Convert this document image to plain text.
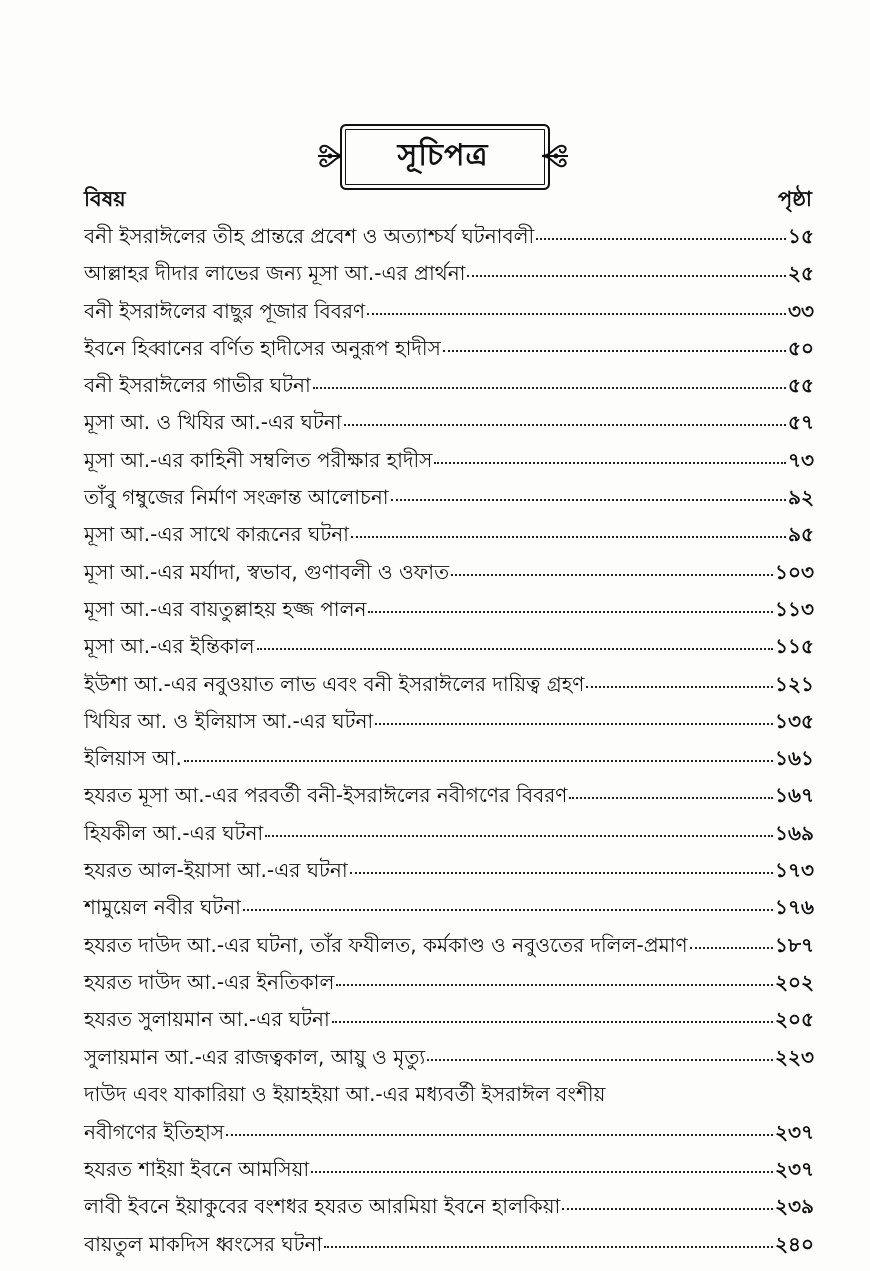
সূচিপত্র
বিষয়	পৃষ্ঠা
বনী ইসরাঈলের তীহ প্রান্তরে প্রবেশ ও অত্যাশ্চর্য ঘটনাবলী	১৫
আল্লাহর দীদার লাভের জন্য মূসা আ.-এর প্রার্থনা	২৫
বনী ইসরাঈলের বাছুর পূজার বিবরণ	৩৩
ইবনে হিব্বানের বর্ণিত হাদীসের অনুরূপ হাদীস	৫০
বনী ইসরাঈলের গাভীর ঘটনা	৫৫
মূসা আ. ও খিযির আ.-এর ঘটনা	৫৭
মূসা আ.-এর কাহিনী সম্বলিত পরীক্ষার হাদীস	৭৩
তাঁবু গম্বুজের নির্মাণ সংক্রান্ত আলোচনা	৯২
মূসা আ.-এর সাথে কারূনের ঘটনা	৯৫
মূসা আ.-এর মর্যাদা, স্বভাব, গুণাবলী ও ওফাত	১০৩
মূসা আ.-এর বায়তুল্লাহয় হজ্জ পালন	১১৩
মূসা আ.-এর ইন্তিকাল	১১৫
ইউশা আ.-এর নবুওয়াত লাভ এবং বনী ইসরাঈলের দায়িত্ব গ্রহণ	১২১
খিযির আ. ও ইলিয়াস আ.-এর ঘটনা	১৩৫
ইলিয়াস আ.	১৬১
হযরত মূসা আ.-এর পরবর্তী বনী-ইসরাঈলের নবীগণের বিবরণ	১৬৭
হিযকীল আ.-এর ঘটনা	১৬৯
হযরত আল-ইয়াসা আ.-এর ঘটনা	১৭৩
শামুয়েল নবীর ঘটনা	১৭৬
হযরত দাউদ আ.-এর ঘটনা, তাঁর ফযীলত, কর্মকাণ্ড ও নবুওতের দলিল-প্রমাণ	১৮৭
হযরত দাউদ আ.-এর ইনতিকাল	২০২
হযরত সুলায়মান আ.-এর ঘটনা	২০৫
সুলায়মান আ.-এর রাজত্বকাল, আয়ু ও মৃত্যু	২২৩
দাউদ এবং যাকারিয়া ও ইয়াহইয়া আ.-এর মধ্যবর্তী ইসরাঈল বংশীয়
নবীগণের ইতিহাস	২৩৭
হযরত শাইয়া ইবনে আমসিয়া	২৩৭
লাবী ইবনে ইয়াকুবের বংশধর হযরত আরমিয়া ইবনে হালকিয়া	২৩৯
বায়তুল মাকদিস ধ্বংসের ঘটনা	২৪০
